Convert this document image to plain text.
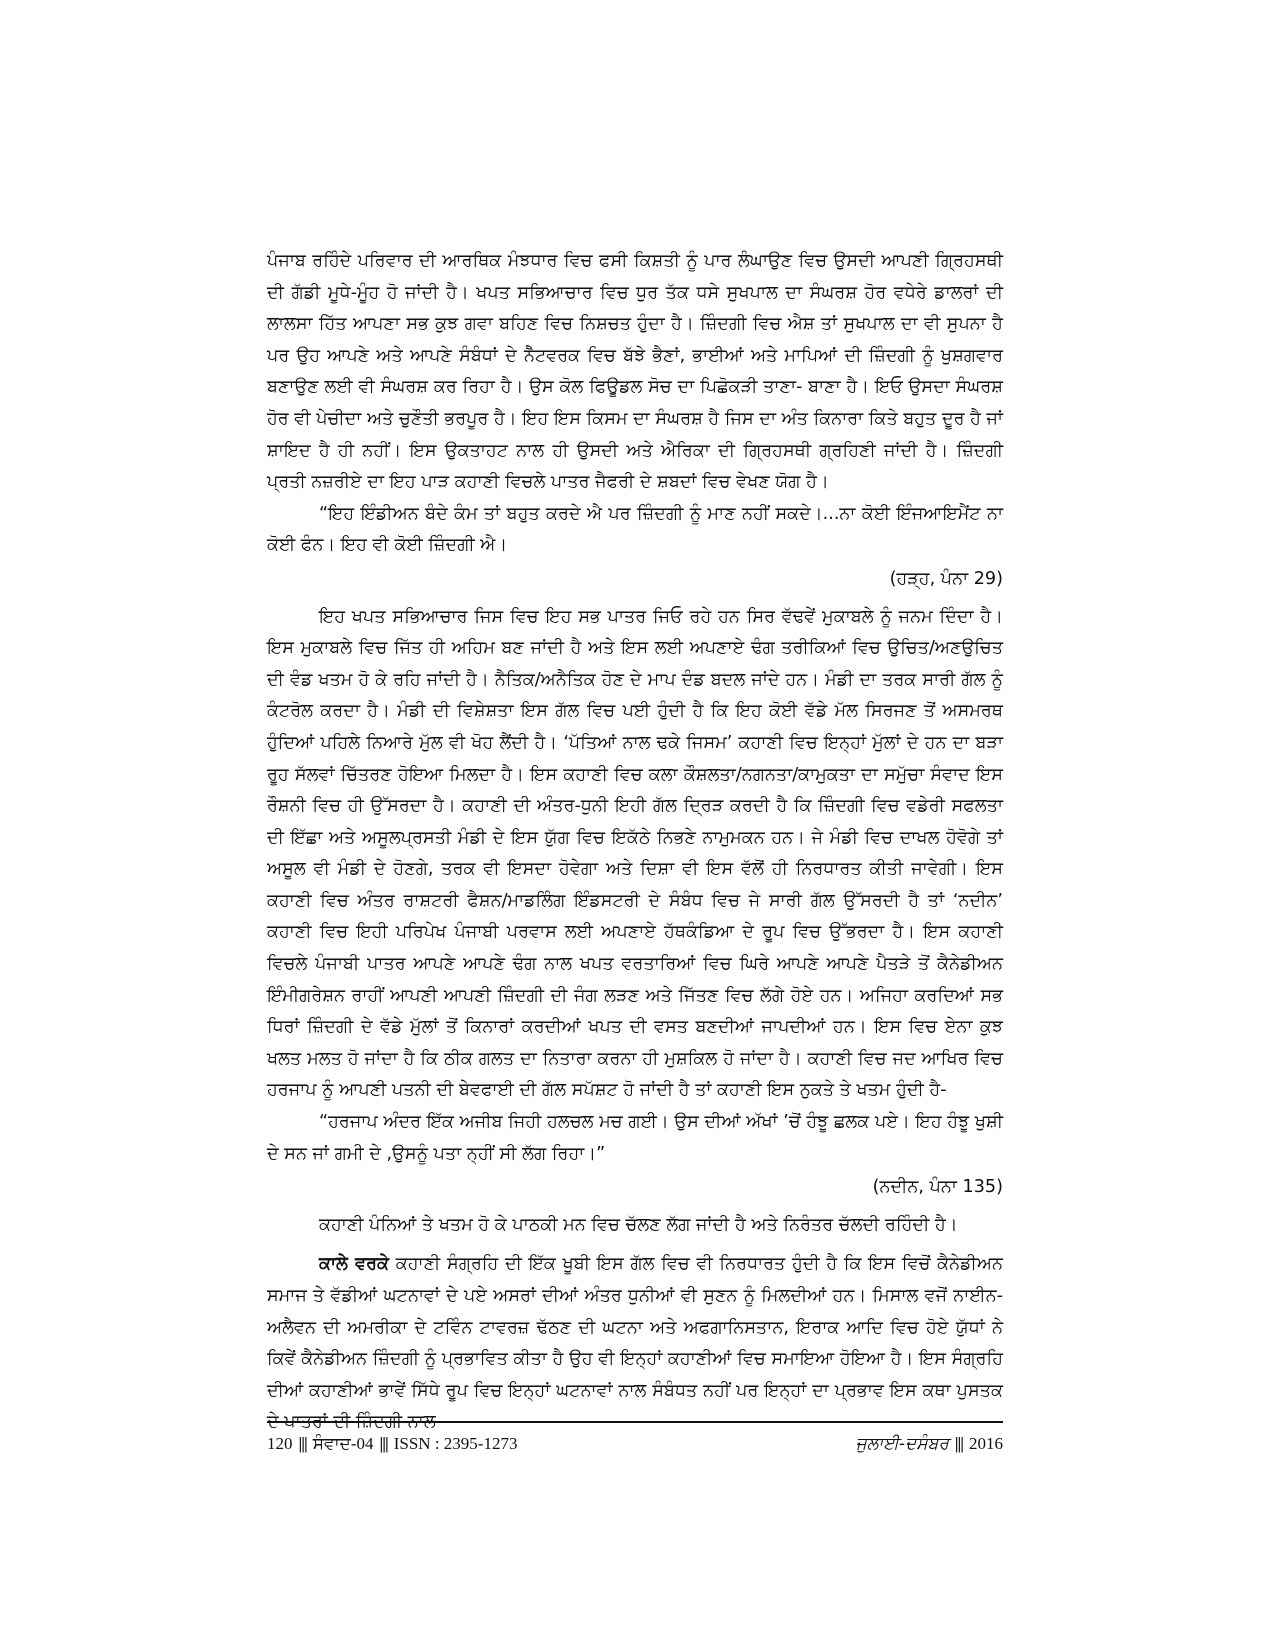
ਪੰਜਾਬ ਰਹਿੰਦੇ ਪਰਿਵਾਰ ਦੀ ਆਰਥਿਕ ਮੰਝਧਾਰ ਵਿਚ ਫਸੀ ਕਿਸ਼ਤੀ ਨੂੰ ਪਾਰ ਲੰਘਾਉਣ ਵਿਚ ਉਸਦੀ ਆਪਣੀ ਗ੍ਰਿਹਸਥੀ ਦੀ ਗੱਡੀ ਮੂਧੇ-ਮੂੰਹ ਹੋ ਜਾਂਦੀ ਹੈ। ਖਪਤ ਸਭਿਆਚਾਰ ਵਿਚ ਧੁਰ ਤੱਕ ਧਸੇ ਸੁਖਪਾਲ ਦਾ ਸੰਘਰਸ਼ ਹੋਰ ਵਧੇਰੇ ਡਾਲਰਾਂ ਦੀ ਲਾਲਸਾ ਹਿੱਤ ਆਪਣਾ ਸਭ ਕੁਝ ਗਵਾ ਬਹਿਣ ਵਿਚ ਨਿਸ਼ਚਤ ਹੁੰਦਾ ਹੈ। ਜ਼ਿੰਦਗੀ ਵਿਚ ਐਸ਼ ਤਾਂ ਸੁਖਪਾਲ ਦਾ ਵੀ ਸੁਪਨਾ ਹੈ ਪਰ ਉਹ ਆਪਣੇ ਅਤੇ ਆਪਣੇ ਸੰਬੰਧਾਂ ਦੇ ਨੈੱਟਵਰਕ ਵਿਚ ਬੱਝੇ ਭੈਣਾਂ, ਭਾਈਆਂ ਅਤੇ ਮਾਪਿਆਂ ਦੀ ਜ਼ਿੰਦਗੀ ਨੂੰ ਖੁਸ਼ਗਵਾਰ ਬਣਾਉਣ ਲਈ ਵੀ ਸੰਘਰਸ਼ ਕਰ ਰਿਹਾ ਹੈ। ਉਸ ਕੋਲ ਫਿਊਡਲ ਸੋਚ ਦਾ ਪਿਛੋਕੜੀ ਤਾਣਾ- ਬਾਣਾ ਹੈ। ਇਓ ਉਸਦਾ ਸੰਘਰਸ਼ ਹੋਰ ਵੀ ਪੇਚੀਦਾ ਅਤੇ ਚੁਣੌਤੀ ਭਰਪੂਰ ਹੈ। ਇਹ ਇਸ ਕਿਸਮ ਦਾ ਸੰਘਰਸ਼ ਹੈ ਜਿਸ ਦਾ ਅੰਤ ਕਿਨਾਰਾ ਕਿਤੇ ਬਹੁਤ ਦੂਰ ਹੈ ਜਾਂ ਸ਼ਾਇਦ ਹੈ ਹੀ ਨਹੀਂ। ਇਸ ਉਕਤਾਹਟ ਨਾਲ ਹੀ ਉਸਦੀ ਅਤੇ ਐਰਿਕਾ ਦੀ ਗ੍ਰਿਹਸਥੀ ਗ੍ਰਹਿਣੀ ਜਾਂਦੀ ਹੈ। ਜ਼ਿੰਦਗੀ ਪ੍ਰਤੀ ਨਜ਼ਰੀਏ ਦਾ ਇਹ ਪਾੜ ਕਹਾਣੀ ਵਿਚਲੇ ਪਾਤਰ ਜੈਫਰੀ ਦੇ ਸ਼ਬਦਾਂ ਵਿਚ ਵੇਖਣ ਯੋਗ ਹੈ।

“ਇਹ ਇੰਡੀਅਨ ਬੰਦੇ ਕੰਮ ਤਾਂ ਬਹੁਤ ਕਰਦੇ ਐ ਪਰ ਜ਼ਿੰਦਗੀ ਨੂੰ ਮਾਣ ਨਹੀਂ ਸਕਦੇ।...ਨਾ ਕੋਈ ਇੰਜਆਇਮੈਂਟ ਨਾ ਕੋਈ ਫੰਨ। ਇਹ ਵੀ ਕੋਈ ਜ਼ਿੰਦਗੀ ਐ।

(ਹੜ੍ਹ, ਪੰਨਾ 29)

ਇਹ ਖਪਤ ਸਭਿਆਚਾਰ ਜਿਸ ਵਿਚ ਇਹ ਸਭ ਪਾਤਰ ਜਿਓ ਰਹੇ ਹਨ ਸਿਰ ਵੱਢਵੇਂ ਮੁਕਾਬਲੇ ਨੂੰ ਜਨਮ ਦਿੰਦਾ ਹੈ। ਇਸ ਮੁਕਾਬਲੇ ਵਿਚ ਜਿੱਤ ਹੀ ਅਹਿਮ ਬਣ ਜਾਂਦੀ ਹੈ ਅਤੇ ਇਸ ਲਈ ਅਪਣਾਏ ਢੰਗ ਤਰੀਕਿਆਂ ਵਿਚ ਉਚਿਤ/ਅਣਉਚਿਤ ਦੀ ਵੰਡ ਖਤਮ ਹੋ ਕੇ ਰਹਿ ਜਾਂਦੀ ਹੈ। ਨੈਤਿਕ/ਅਨੈਤਿਕ ਹੋਣ ਦੇ ਮਾਪ ਦੰਡ ਬਦਲ ਜਾਂਦੇ ਹਨ। ਮੰਡੀ ਦਾ ਤਰਕ ਸਾਰੀ ਗੱਲ ਨੂੰ ਕੰਟਰੋਲ ਕਰਦਾ ਹੈ। ਮੰਡੀ ਦੀ ਵਿਸ਼ੇਸ਼ਤਾ ਇਸ ਗੱਲ ਵਿਚ ਪਈ ਹੁੰਦੀ ਹੈ ਕਿ ਇਹ ਕੋਈ ਵੱਡੇ ਮੱਲ ਸਿਰਜਣ ਤੋਂ ਅਸਮਰਥ ਹੁੰਦਿਆਂ ਪਹਿਲੇ ਨਿਆਰੇ ਮੁੱਲ ਵੀ ਖੋਹ ਲੈਂਦੀ ਹੈ। ‘ਪੱਤਿਆਂ ਨਾਲ ਢਕੇ ਜਿਸਮ’ ਕਹਾਣੀ ਵਿਚ ਇਨ੍ਹਾਂ ਮੁੱਲਾਂ ਦੇ ਹਨ ਦਾ ਬੜਾ ਰੂਹ ਸੱਲਵਾਂ ਚਿੱਤਰਣ ਹੋਇਆ ਮਿਲਦਾ ਹੈ। ਇਸ ਕਹਾਣੀ ਵਿਚ ਕਲਾ ਕੌਸ਼ਲਤਾ/ਨਗਨਤਾ/ਕਾਮੁਕਤਾ ਦਾ ਸਮੁੱਚਾ ਸੰਵਾਦ ਇਸ ਰੌਸ਼ਨੀ ਵਿਚ ਹੀ ਉੱਸਰਦਾ ਹੈ। ਕਹਾਣੀ ਦੀ ਅੰਤਰ-ਧੁਨੀ ਇਹੀ ਗੱਲ ਦ੍ਰਿੜ ਕਰਦੀ ਹੈ ਕਿ ਜ਼ਿੰਦਗੀ ਵਿਚ ਵਡੇਰੀ ਸਫਲਤਾ ਦੀ ਇੱਛਾ ਅਤੇ ਅਸੂਲਪ੍ਰਸਤੀ ਮੰਡੀ ਦੇ ਇਸ ਯੁੱਗ ਵਿਚ ਇਕੱਠੇ ਨਿਭਣੇ ਨਾਮੁਮਕਨ ਹਨ। ਜੇ ਮੰਡੀ ਵਿਚ ਦਾਖਲ ਹੋਵੋਗੇ ਤਾਂ ਅਸੂਲ ਵੀ ਮੰਡੀ ਦੇ ਹੋਣਗੇ, ਤਰਕ ਵੀ ਇਸਦਾ ਹੋਵੇਗਾ ਅਤੇ ਦਿਸ਼ਾ ਵੀ ਇਸ ਵੱਲੋਂ ਹੀ ਨਿਰਧਾਰਤ ਕੀਤੀ ਜਾਵੇਗੀ। ਇਸ ਕਹਾਣੀ ਵਿਚ ਅੰਤਰ ਰਾਸ਼ਟਰੀ ਫੈਸ਼ਨ/ਮਾਡਲਿੰਗ ਇੰਡਸਟਰੀ ਦੇ ਸੰਬੰਧ ਵਿਚ ਜੇ ਸਾਰੀ ਗੱਲ ਉੱਸਰਦੀ ਹੈ ਤਾਂ ‘ਨਦੀਨ’ ਕਹਾਣੀ ਵਿਚ ਇਹੀ ਪਰਿਪੇਖ ਪੰਜਾਬੀ ਪਰਵਾਸ ਲਈ ਅਪਣਾਏ ਹੱਥਕੰਡਿਆ ਦੇ ਰੂਪ ਵਿਚ ਉੱਭਰਦਾ ਹੈ। ਇਸ ਕਹਾਣੀ ਵਿਚਲੇ ਪੰਜਾਬੀ ਪਾਤਰ ਆਪਣੇ ਆਪਣੇ ਢੰਗ ਨਾਲ ਖਪਤ ਵਰਤਾਰਿਆਂ ਵਿਚ ਘਿਰੇ ਆਪਣੇ ਆਪਣੇ ਪੈਤੜੇ ਤੋਂ ਕੈਨੇਡੀਅਨ ਇੰਮੀਗਰੇਸ਼ਨ ਰਾਹੀਂ ਆਪਣੀ ਆਪਣੀ ਜ਼ਿੰਦਗੀ ਦੀ ਜੰਗ ਲੜਣ ਅਤੇ ਜਿੱਤਣ ਵਿਚ ਲੱਗੇ ਹੋਏ ਹਨ। ਅਜਿਹਾ ਕਰਦਿਆਂ ਸਭ ਧਿਰਾਂ ਜ਼ਿੰਦਗੀ ਦੇ ਵੱਡੇ ਮੁੱਲਾਂ ਤੋਂ ਕਿਨਾਰਾਂ ਕਰਦੀਆਂ ਖਪਤ ਦੀ ਵਸਤ ਬਣਦੀਆਂ ਜਾਪਦੀਆਂ ਹਨ। ਇਸ ਵਿਚ ਏਨਾ ਕੁਝ ਖਲਤ ਮਲਤ ਹੋ ਜਾਂਦਾ ਹੈ ਕਿ ਠੀਕ ਗਲਤ ਦਾ ਨਿਤਾਰਾ ਕਰਨਾ ਹੀ ਮੁਸ਼ਕਿਲ ਹੋ ਜਾਂਦਾ ਹੈ। ਕਹਾਣੀ ਵਿਚ ਜਦ ਆਖਿਰ ਵਿਚ ਹਰਜਾਪ ਨੂੰ ਆਪਣੀ ਪਤਨੀ ਦੀ ਬੇਵਫਾਈ ਦੀ ਗੱਲ ਸਪੱਸ਼ਟ ਹੋ ਜਾਂਦੀ ਹੈ ਤਾਂ ਕਹਾਣੀ ਇਸ ਨੁਕਤੇ ਤੇ ਖਤਮ ਹੁੰਦੀ ਹੈ-

“ਹਰਜਾਪ ਅੰਦਰ ਇੱਕ ਅਜੀਬ ਜਿਹੀ ਹਲਚਲ ਮਚ ਗਈ। ਉਸ ਦੀਆਂ ਅੱਖਾਂ ’ਚੋਂ ਹੰਝੂ ਛਲਕ ਪਏ। ਇਹ ਹੰਝੂ ਖੁਸ਼ੀ ਦੇ ਸਨ ਜਾਂ ਗਮੀ ਦੇ ,ਉਸਨੂੰ ਪਤਾ ਨ੍ਹੀਂ ਸੀ ਲੱਗ ਰਿਹਾ।”

(ਨਦੀਨ, ਪੰਨਾ 135)

ਕਹਾਣੀ ਪੰਨਿਆਂ ਤੇ ਖਤਮ ਹੋ ਕੇ ਪਾਠਕੀ ਮਨ ਵਿਚ ਚੱਲਣ ਲੱਗ ਜਾਂਦੀ ਹੈ ਅਤੇ ਨਿਰੰਤਰ ਚੱਲਦੀ ਰਹਿੰਦੀ ਹੈ।

ਕਾਲੇ ਵਰਕੇ ਕਹਾਣੀ ਸੰਗ੍ਰਹਿ ਦੀ ਇੱਕ ਖੂਬੀ ਇਸ ਗੱਲ ਵਿਚ ਵੀ ਨਿਰਧਾਰਤ ਹੁੰਦੀ ਹੈ ਕਿ ਇਸ ਵਿਚੋਂ ਕੈਨੇਡੀਅਨ ਸਮਾਜ ਤੇ ਵੱਡੀਆਂ ਘਟਨਾਵਾਂ ਦੇ ਪਏ ਅਸਰਾਂ ਦੀਆਂ ਅੰਤਰ ਧੁਨੀਆਂ ਵੀ ਸੁਣਨ ਨੂੰ ਮਿਲਦੀਆਂ ਹਨ। ਮਿਸਾਲ ਵਜੋਂ ਨਾਈਨ-ਅਲੈਵਨ ਦੀ ਅਮਰੀਕਾ ਦੇ ਟਵਿੰਨ ਟਾਵਰਜ਼ ਢੱਠਣ ਦੀ ਘਟਨਾ ਅਤੇ ਅਫਗਾਨਿਸਤਾਨ, ਇਰਾਕ ਆਦਿ ਵਿਚ ਹੋਏ ਯੁੱਧਾਂ ਨੇ ਕਿਵੇਂ ਕੈਨੇਡੀਅਨ ਜ਼ਿੰਦਗੀ ਨੂੰ ਪ੍ਰਭਾਵਿਤ ਕੀਤਾ ਹੈ ਉਹ ਵੀ ਇਨ੍ਹਾਂ ਕਹਾਣੀਆਂ ਵਿਚ ਸਮਾਇਆ ਹੋਇਆ ਹੈ। ਇਸ ਸੰਗ੍ਰਹਿ ਦੀਆਂ ਕਹਾਣੀਆਂ ਭਾਵੇਂ ਸਿੱਧੇ ਰੂਪ ਵਿਚ ਇਨ੍ਹਾਂ ਘਟਨਾਵਾਂ ਨਾਲ ਸੰਬੰਧਤ ਨਹੀਂ ਪਰ ਇਨ੍ਹਾਂ ਦਾ ਪ੍ਰਭਾਵ ਇਸ ਕਥਾ ਪੁਸਤਕ ਦੇ ਪਾਤਰਾਂ ਦੀ ਜ਼ਿੰਦਗੀ ਨਾਲ

120 ||| ਸੰਵਾਦ-04 ||| ISSN : 2395-1273	ਜੁਲਾਈ-ਦਸੰਬਰ ||| 2016
